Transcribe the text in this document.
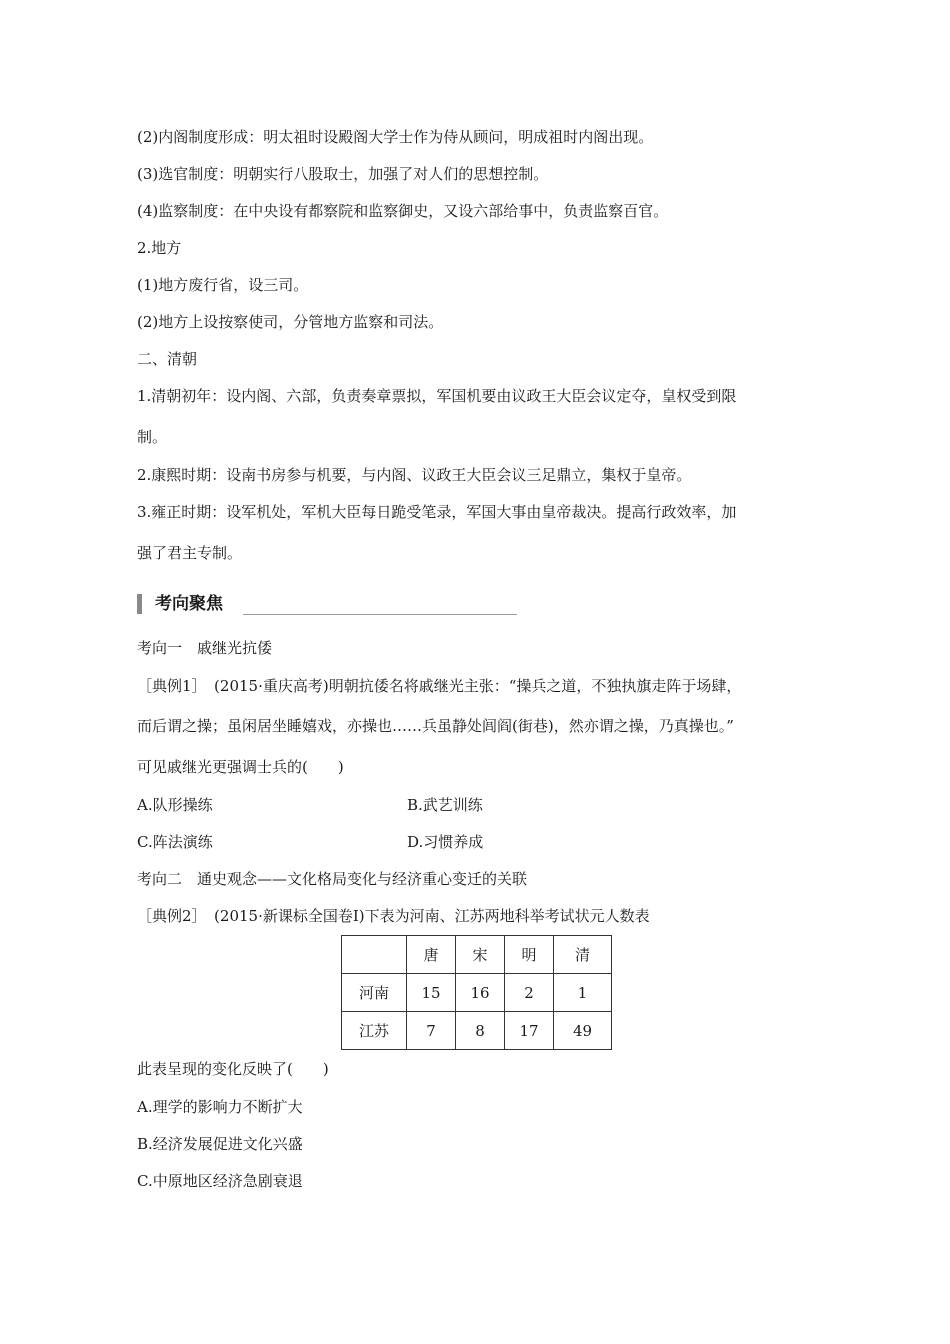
(2)内阁制度形成：明太祖时设殿阁大学士作为侍从顾问，明成祖时内阁出现。
(3)选官制度：明朝实行八股取士，加强了对人们的思想控制。
(4)监察制度：在中央设有都察院和监察御史，又设六部给事中，负责监察百官。
2.地方
(1)地方废行省，设三司。
(2)地方上设按察使司，分管地方监察和司法。
二、清朝
1.清朝初年：设内阁、六部，负责奏章票拟，军国机要由议政王大臣会议定夺，皇权受到限
制。
2.康熙时期：设南书房参与机要，与内阁、议政王大臣会议三足鼎立，集权于皇帝。
3.雍正时期：设军机处，军机大臣每日跪受笔录，军国大事由皇帝裁决。提高行政效率，加
强了君主专制。
考向聚焦
考向一　戚继光抗倭
［典例1］　(2015·重庆高考)明朝抗倭名将戚继光主张：“操兵之道，不独执旗走阵于场肆，
而后谓之操；虽闲居坐睡嬉戏，亦操也……兵虽静处闾阎(街巷)，然亦谓之操，乃真操也。”
可见戚继光更强调士兵的(　　)
A.队形操练	B.武艺训练
C.阵法演练	D.习惯养成
考向二　通史观念——文化格局变化与经济重心变迁的关联
［典例2］　(2015·新课标全国卷Ⅰ)下表为河南、江苏两地科举考试状元人数表
	唐	宋	明	清
河南	15	16	2	1
江苏	7	8	17	49
此表呈现的变化反映了(　　)
A.理学的影响力不断扩大
B.经济发展促进文化兴盛
C.中原地区经济急剧衰退
